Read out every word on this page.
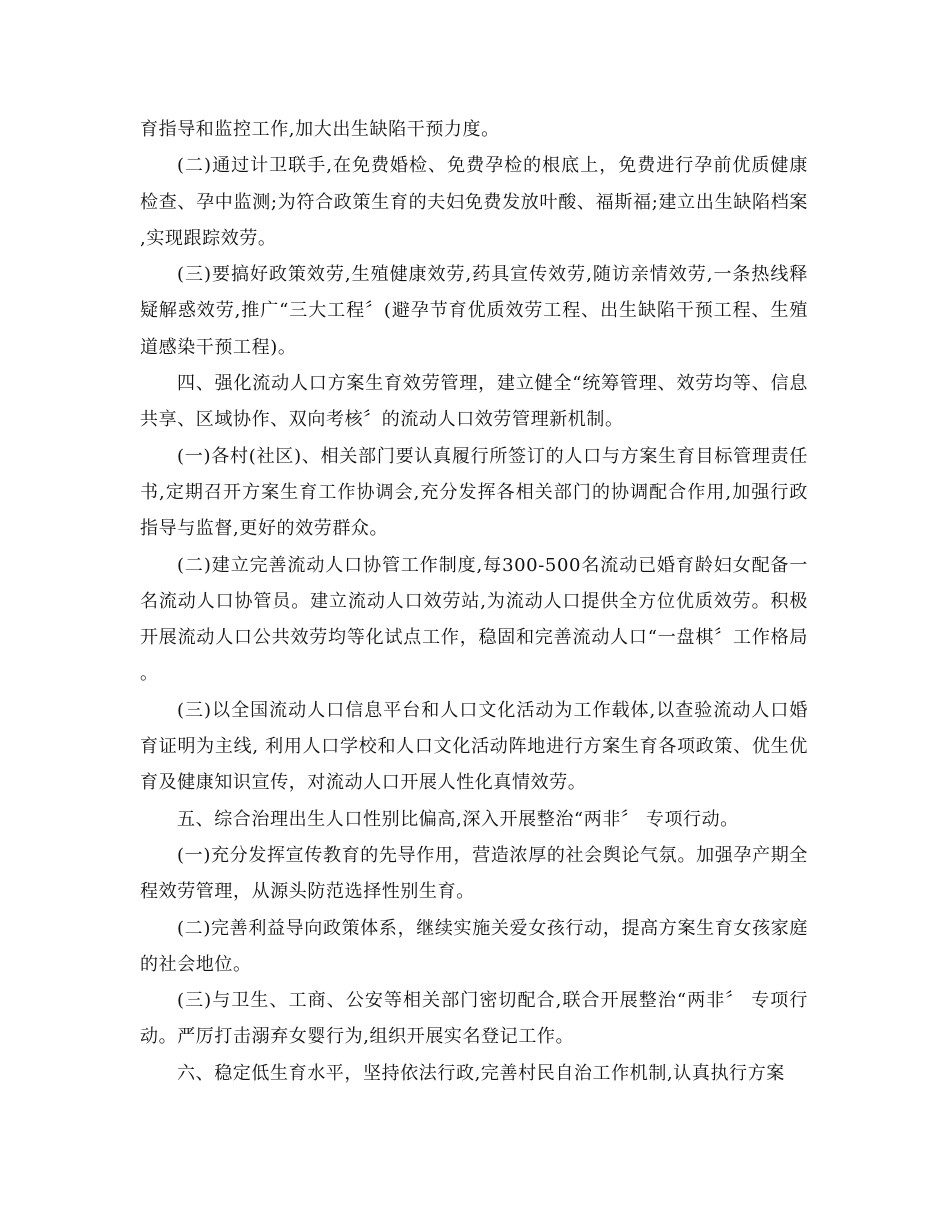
育指导和监控工作,加大出生缺陷干预力度。

(二)通过计卫联手,在免费婚检、免费孕检的根底上，免费进行孕前优质健康检查、孕中监测;为符合政策生育的夫妇免费发放叶酸、福斯福;建立出生缺陷档案,实现跟踪效劳。

(三)要搞好政策效劳,生殖健康效劳,药具宣传效劳,随访亲情效劳,一条热线释疑解惑效劳,推广“三大工程〞(避孕节育优质效劳工程、出生缺陷干预工程、生殖道感染干预工程)。

四、强化流动人口方案生育效劳管理，建立健全“统筹管理、效劳均等、信息共享、区域协作、双向考核〞的流动人口效劳管理新机制。

(一)各村(社区)、相关部门要认真履行所签订的人口与方案生育目标管理责任书,定期召开方案生育工作协调会,充分发挥各相关部门的协调配合作用,加强行政指导与监督,更好的效劳群众。

(二)建立完善流动人口协管工作制度,每300-500名流动已婚育龄妇女配备一名流动人口协管员。建立流动人口效劳站,为流动人口提供全方位优质效劳。积极开展流动人口公共效劳均等化试点工作，稳固和完善流动人口“一盘棋〞工作格局。

(三)以全国流动人口信息平台和人口文化活动为工作载体,以查验流动人口婚育证明为主线, 利用人口学校和人口文化活动阵地进行方案生育各项政策、优生优育及健康知识宣传，对流动人口开展人性化真情效劳。

五、综合治理出生人口性别比偏高,深入开展整治“两非〞 专项行动。

(一)充分发挥宣传教育的先导作用，营造浓厚的社会舆论气氛。加强孕产期全程效劳管理，从源头防范选择性别生育。

(二)完善利益导向政策体系，继续实施关爱女孩行动，提高方案生育女孩家庭的社会地位。

(三)与卫生、工商、公安等相关部门密切配合,联合开展整治“两非〞 专项行动。严厉打击溺弃女婴行为,组织开展实名登记工作。

六、稳定低生育水平，坚持依法行政,完善村民自治工作机制,认真执行方案
